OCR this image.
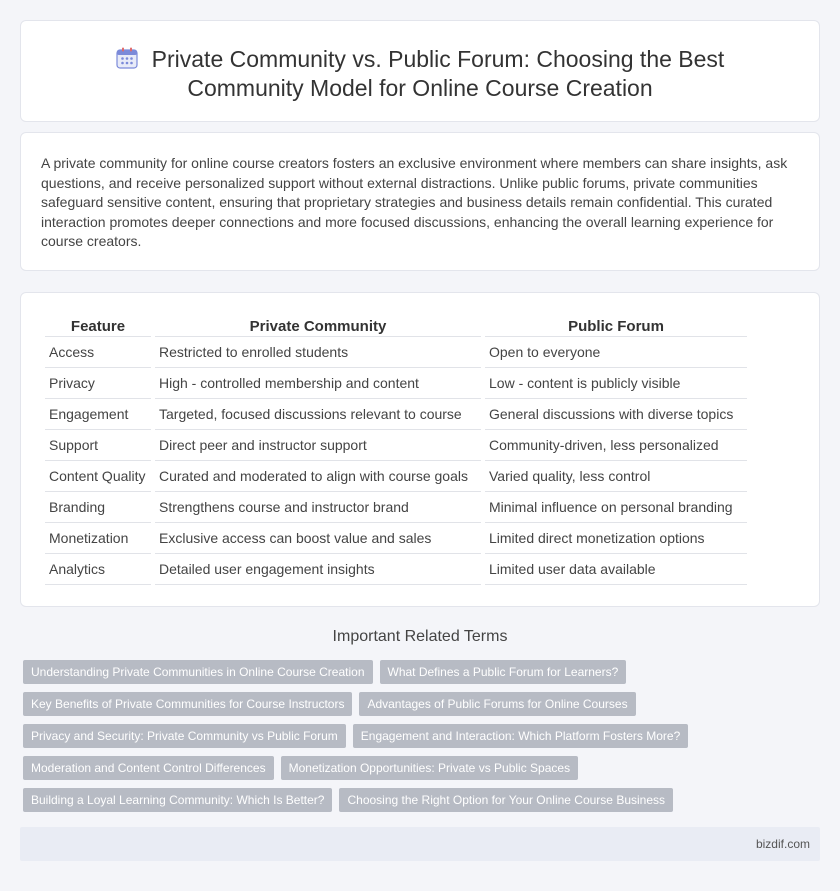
Private Community vs. Public Forum: Choosing the Best Community Model for Online Course Creation

A private community for online course creators fosters an exclusive environment where members can share insights, ask questions, and receive personalized support without external distractions. Unlike public forums, private communities safeguard sensitive content, ensuring that proprietary strategies and business details remain confidential. This curated interaction promotes deeper connections and more focused discussions, enhancing the overall learning experience for course creators.

Feature	Private Community	Public Forum
Access	Restricted to enrolled students	Open to everyone
Privacy	High - controlled membership and content	Low - content is publicly visible
Engagement	Targeted, focused discussions relevant to course	General discussions with diverse topics
Support	Direct peer and instructor support	Community-driven, less personalized
Content Quality	Curated and moderated to align with course goals	Varied quality, less control
Branding	Strengthens course and instructor brand	Minimal influence on personal branding
Monetization	Exclusive access can boost value and sales	Limited direct monetization options
Analytics	Detailed user engagement insights	Limited user data available
Important Related Terms
Understanding Private Communities in Online Course Creation	What Defines a Public Forum for Learners?
Key Benefits of Private Communities for Course Instructors	Advantages of Public Forums for Online Courses
Privacy and Security: Private Community vs Public Forum	Engagement and Interaction: Which Platform Fosters More?
Moderation and Content Control Differences	Monetization Opportunities: Private vs Public Spaces
Building a Loyal Learning Community: Which Is Better?	Choosing the Right Option for Your Online Course Business
bizdif.com
